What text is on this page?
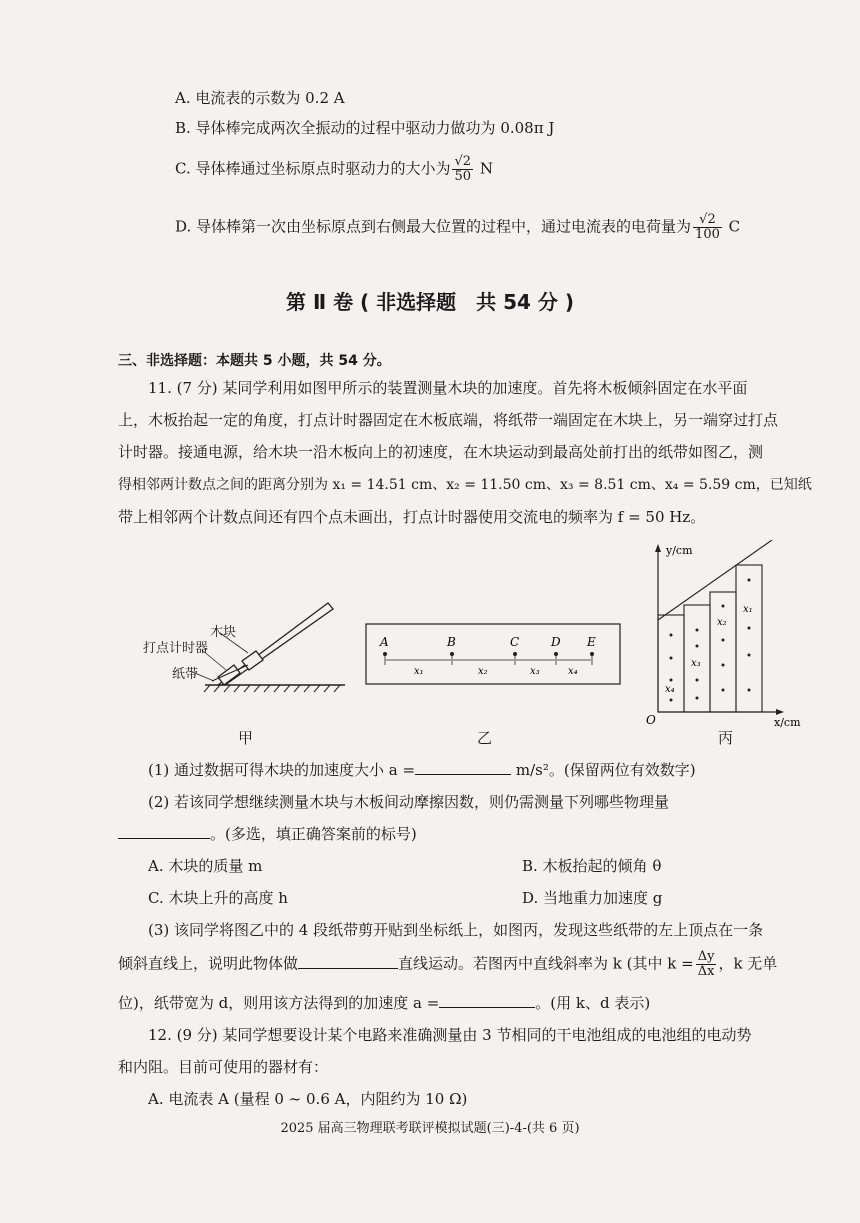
A. 电流表的示数为 0.2 A
B. 导体棒完成两次全振动的过程中驱动力做功为 0.08π J
C. 导体棒通过坐标原点时驱动力的大小为 $\frac{√2}{50}$ N
D. 导体棒第一次由坐标原点到右侧最大位置的过程中，通过电流表的电荷量为 $\frac{√2}{100}$ C
第 Ⅱ 卷 ( 非选择题　共 54 分 )
三、非选择题：本题共 5 小题，共 54 分。
11. (7 分) 某同学利用如图甲所示的装置测量木块的加速度。首先将木板倾斜固定在水平面
上，木板抬起一定的角度，打点计时器固定在木板底端，将纸带一端固定在木块上，另一端穿过打点
计时器。接通电源，给木块一沿木板向上的初速度，在木块运动到最高处前打出的纸带如图乙，测
得相邻两计数点之间的距离分别为 x₁ = 14.51 cm、x₂ = 11.50 cm、x₃ = 8.51 cm、x₄ = 5.59 cm，已知纸
带上相邻两个计数点间还有四个点未画出，打点计时器使用交流电的频率为 f = 50 Hz。
木块
打点计时器
纸带
甲
A	B	C	D E
x₁	x₂	x₃	x₄
乙
y/cm
x/cm
O
x₄
x₃
x₂
x₁
丙
(1) 通过数据可得木块的加速度大小 a =	m/s²。(保留两位有效数字)
(2) 若该同学想继续测量木块与木板间动摩擦因数，则仍需测量下列哪些物理量
。(多选，填正确答案前的标号)
A. 木块的质量 m	B. 木板抬起的倾角 θ
C. 木块上升的高度 h	D. 当地重力加速度 g
(3) 该同学将图乙中的 4 段纸带剪开贴到坐标纸上，如图丙，发现这些纸带的左上顶点在一条
倾斜直线上，说明此物体做	直线运动。若图丙中直线斜率为 k (其中 $k = \frac{\Delta y}{\Delta x}$ ，k 无单
位)，纸带宽为 d，则用该方法得到的加速度 a =	。(用 k、d 表示)
12. (9 分) 某同学想要设计某个电路来准确测量由 3 节相同的干电池组成的电池组的电动势
和内阻。目前可使用的器材有：
A. 电流表 A (量程 0 ~ 0.6 A，内阻约为 10 Ω)
2025 届高三物理联考联评模拟试题(三)-4-(共 6 页)
